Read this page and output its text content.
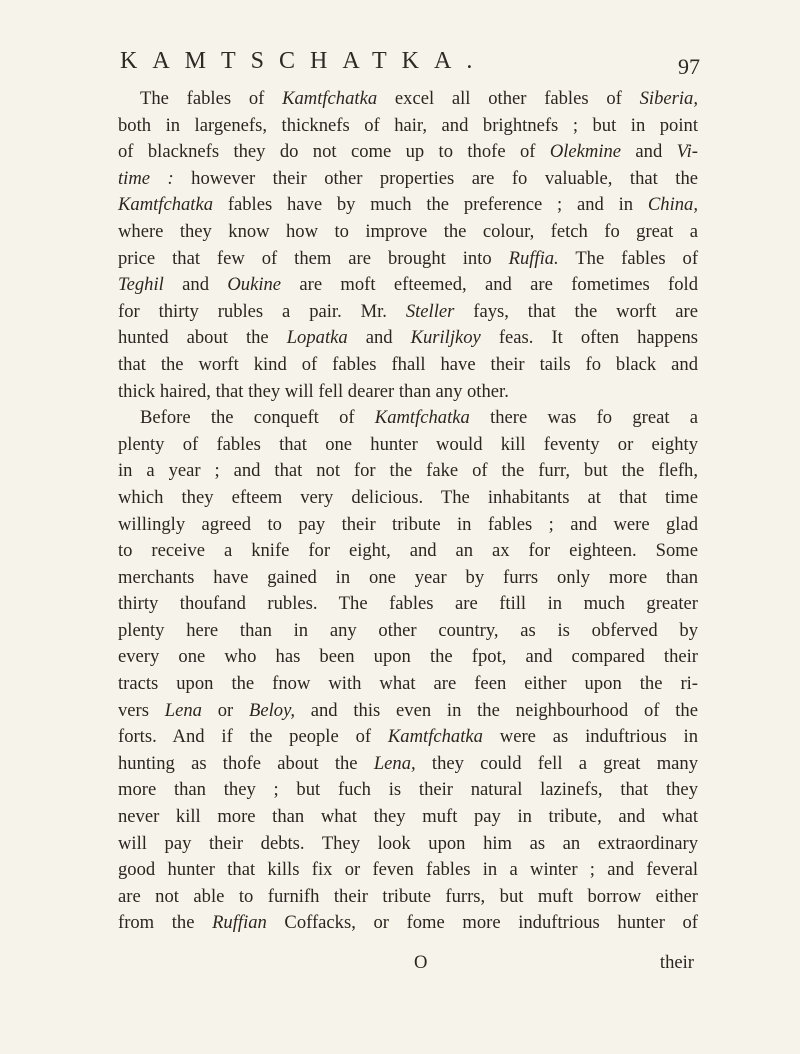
KAMTSCHATKA.	97
The fables of Kamtfchatka excel all other fables of Siberia,
both in largenefs, thicknefs of hair, and brightnefs ; but in point
of blacknefs they do not come up to thofe of Olekmine and Vi-
time : however their other properties are fo valuable, that the
Kamtfchatka fables have by much the preference ; and in China,
where they know how to improve the colour, fetch fo great a
price that few of them are brought into Ruffia. The fables of
Teghil and Oukine are moft efteemed, and are fometimes fold
for thirty rubles a pair. Mr. Steller fays, that the worft are
hunted about the Lopatka and Kuriljkoy feas. It often happens
that the worft kind of fables fhall have their tails fo black and
thick haired, that they will fell dearer than any other.
Before the conqueft of Kamtfchatka there was fo great a
plenty of fables that one hunter would kill feventy or eighty
in a year ; and that not for the fake of the furr, but the flefh,
which they efteem very delicious. The inhabitants at that time
willingly agreed to pay their tribute in fables ; and were glad
to receive a knife for eight, and an ax for eighteen. Some
merchants have gained in one year by furrs only more than
thirty thoufand rubles. The fables are ftill in much greater
plenty here than in any other country, as is obferved by
every one who has been upon the fpot, and compared their
tracts upon the fnow with what are feen either upon the ri-
vers Lena or Beloy, and this even in the neighbourhood of the
forts. And if the people of Kamtfchatka were as induftrious in
hunting as thofe about the Lena, they could fell a great many
more than they ; but fuch is their natural lazinefs, that they
never kill more than what they muft pay in tribute, and what
will pay their debts. They look upon him as an extraordinary
good hunter that kills fix or feven fables in a winter ; and feveral
are not able to furnifh their tribute furrs, but muft borrow either
from the Ruffian Coffacks, or fome more induftrious hunter of
O	their
